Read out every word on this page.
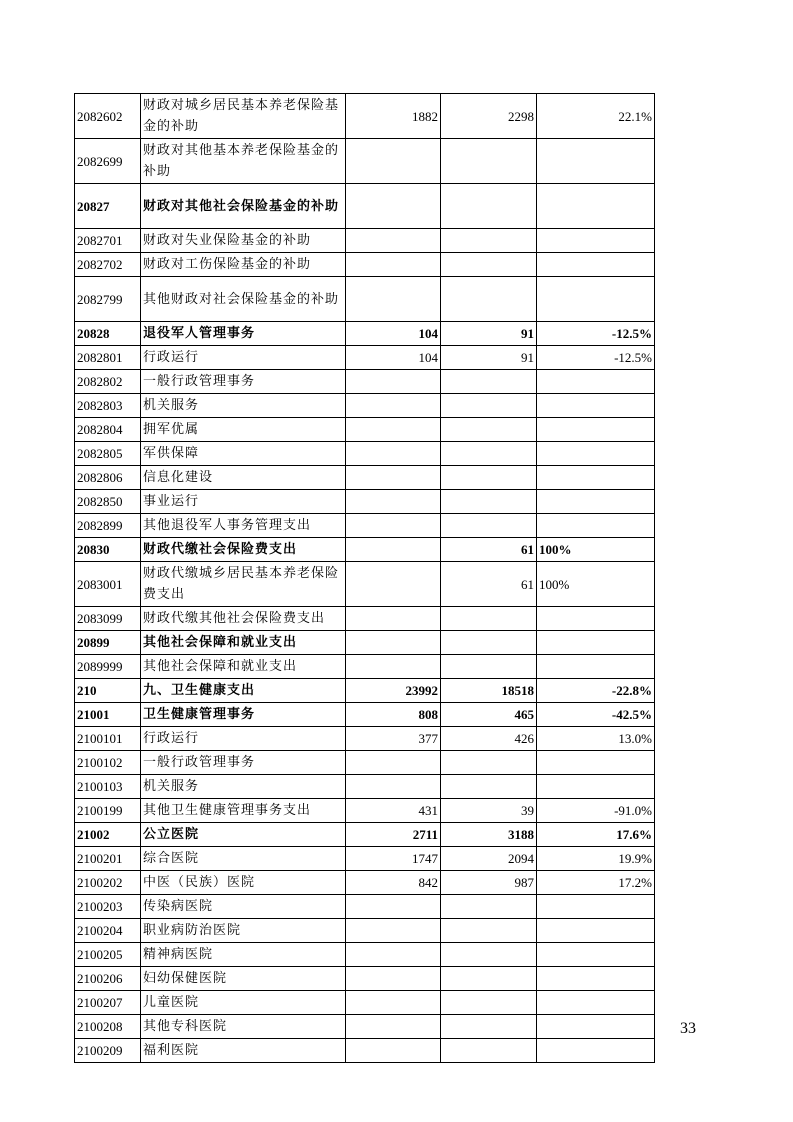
2082602	财政对城乡居民基本养老保险基金的补助	1882	2298	22.1%
2082699	财政对其他基本养老保险基金的补助			
20827	财政对其他社会保险基金的补助			
2082701	财政对失业保险基金的补助			
2082702	财政对工伤保险基金的补助			
2082799	其他财政对社会保险基金的补助			
20828	退役军人管理事务	104	91	-12.5%
2082801	行政运行	104	91	-12.5%
2082802	一般行政管理事务			
2082803	机关服务			
2082804	拥军优属			
2082805	军供保障			
2082806	信息化建设			
2082850	事业运行			
2082899	其他退役军人事务管理支出			
20830	财政代缴社会保险费支出		61	100%
2083001	财政代缴城乡居民基本养老保险费支出		61	100%
2083099	财政代缴其他社会保险费支出			
20899	其他社会保障和就业支出			
2089999	其他社会保障和就业支出			
210	九、卫生健康支出	23992	18518	-22.8%
21001	卫生健康管理事务	808	465	-42.5%
2100101	行政运行	377	426	13.0%
2100102	一般行政管理事务			
2100103	机关服务			
2100199	其他卫生健康管理事务支出	431	39	-91.0%
21002	公立医院	2711	3188	17.6%
2100201	综合医院	1747	2094	19.9%
2100202	中医（民族）医院	842	987	17.2%
2100203	传染病医院			
2100204	职业病防治医院			
2100205	精神病医院			
2100206	妇幼保健医院			
2100207	儿童医院			
2100208	其他专科医院			
2100209	福利医院			
33
